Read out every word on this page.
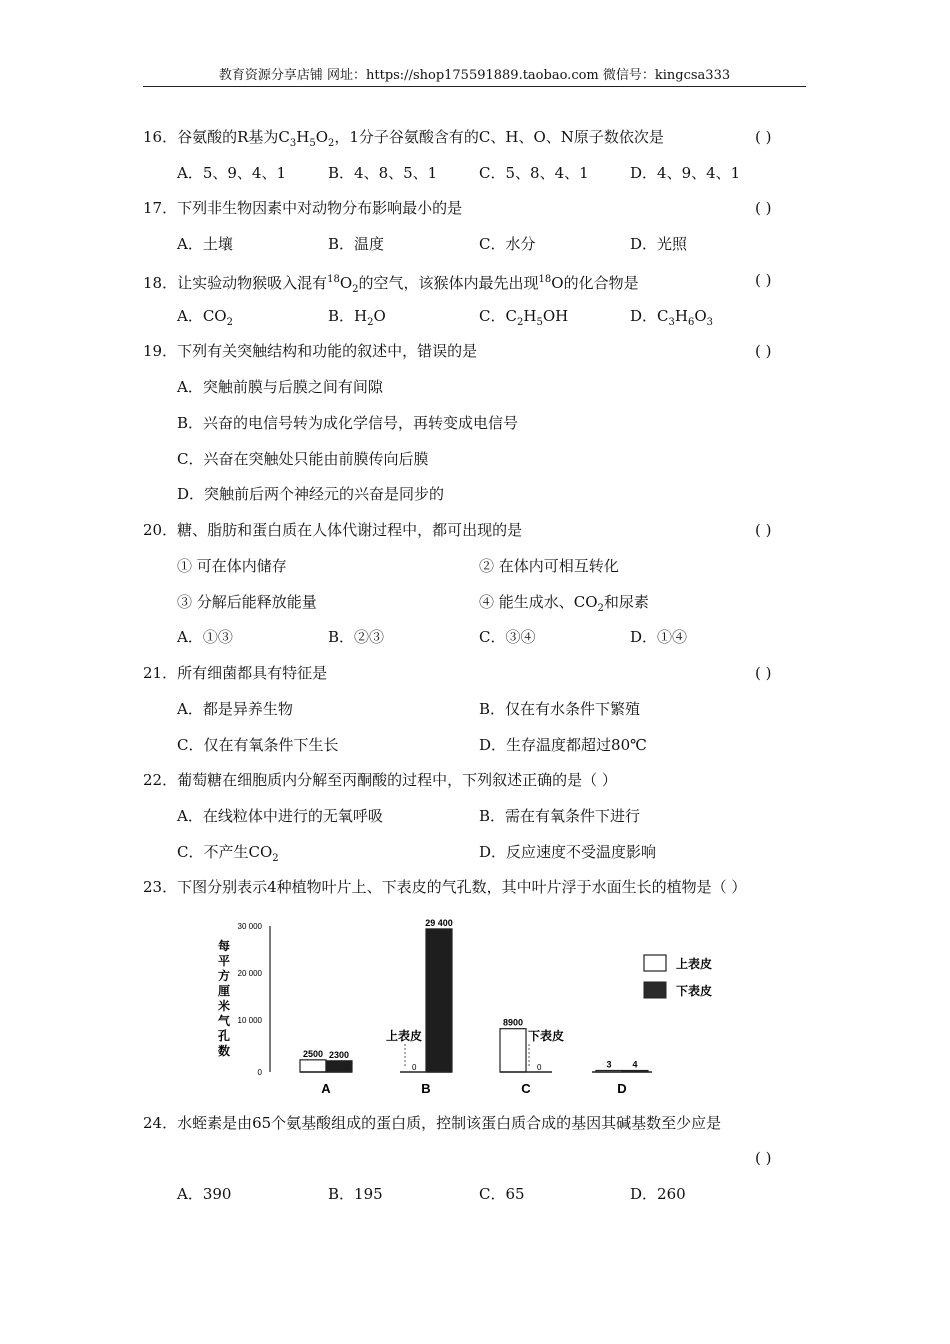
教育资源分享店铺 网址：https://shop175591889.taobao.com 微信号：kingcsa333
16．谷氨酸的R基为$C_3H_5O_2$，1分子谷氨酸含有的C、H、O、N原子数依次是	( )
A．5、9、4、1	B．4、8、5、1	C．5、8、4、1	D．4、9、4、1
17．下列非生物因素中对动物分布影响最小的是	( )
A．土壤	B．温度	C．水分	D．光照
18．让实验动物猴吸入混有$^{18}O_2$的空气，该猴体内最先出现$^{18}$O的化合物是	( )
A．$CO_2$	B．$H_2O$	C．$C_2H_5OH$	D．$C_3H_6O_3$
19．下列有关突触结构和功能的叙述中，错误的是	( )
A．突触前膜与后膜之间有间隙
B．兴奋的电信号转为成化学信号，再转变成电信号
C．兴奋在突触处只能由前膜传向后膜
D．突触前后两个神经元的兴奋是同步的
20．糖、脂肪和蛋白质在人体代谢过程中，都可出现的是	( )
① 可在体内储存	② 在体内可相互转化
③ 分解后能释放能量	④ 能生成水、$CO_2$和尿素
A．①③	B．②③	C．③④	D．①④
21．所有细菌都具有特征是	( )
A．都是异养生物	B．仅在有水条件下繁殖
C．仅在有氧条件下生长	D．生存温度都超过80℃
22．葡萄糖在细胞质内分解至丙酮酸的过程中，下列叙述正确的是（ ）
A．在线粒体中进行的无氧呼吸	B．需在有氧条件下进行
C．不产生$CO_2$	D．反应速度不受温度影响
23．下图分别表示4种植物叶片上、下表皮的气孔数，其中叶片浮于水面生长的植物是（ ）
每
平
方
厘
米
气
孔
数
30 000
20 000
10 000
0
2500 2300
29 400
8900
3 4
A	B	C	D
上表皮
0
下表皮
0
上表皮
下表皮
24．水蛭素是由65个氨基酸组成的蛋白质，控制该蛋白质合成的基因其碱基数至少应是
( )
A．390	B．195	C．65	D．260
